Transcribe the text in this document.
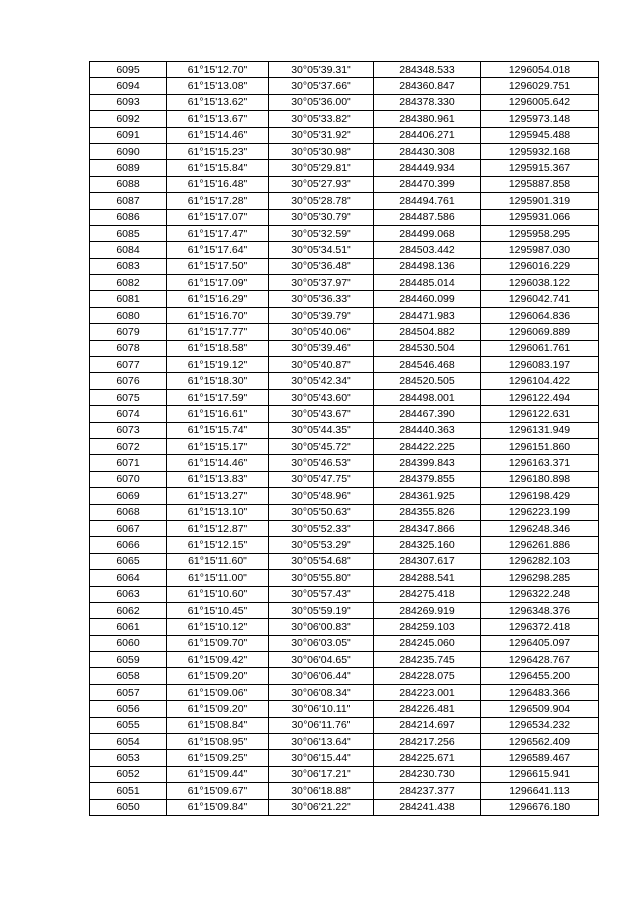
6095	61°15'12.70"	30°05'39.31"	284348.533	1296054.018
6094	61°15'13.08"	30°05'37.66"	284360.847	1296029.751
6093	61°15'13.62"	30°05'36.00"	284378.330	1296005.642
6092	61°15'13.67"	30°05'33.82"	284380.961	1295973.148
6091	61°15'14.46"	30°05'31.92"	284406.271	1295945.488
6090	61°15'15.23"	30°05'30.98"	284430.308	1295932.168
6089	61°15'15.84"	30°05'29.81"	284449.934	1295915.367
6088	61°15'16.48"	30°05'27.93"	284470.399	1295887.858
6087	61°15'17.28"	30°05'28.78"	284494.761	1295901.319
6086	61°15'17.07"	30°05'30.79"	284487.586	1295931.066
6085	61°15'17.47"	30°05'32.59"	284499.068	1295958.295
6084	61°15'17.64"	30°05'34.51"	284503.442	1295987.030
6083	61°15'17.50"	30°05'36.48"	284498.136	1296016.229
6082	61°15'17.09"	30°05'37.97"	284485.014	1296038.122
6081	61°15'16.29"	30°05'36.33"	284460.099	1296042.741
6080	61°15'16.70"	30°05'39.79"	284471.983	1296064.836
6079	61°15'17.77"	30°05'40.06"	284504.882	1296069.889
6078	61°15'18.58"	30°05'39.46"	284530.504	1296061.761
6077	61°15'19.12"	30°05'40.87"	284546.468	1296083.197
6076	61°15'18.30"	30°05'42.34"	284520.505	1296104.422
6075	61°15'17.59"	30°05'43.60"	284498.001	1296122.494
6074	61°15'16.61"	30°05'43.67"	284467.390	1296122.631
6073	61°15'15.74"	30°05'44.35"	284440.363	1296131.949
6072	61°15'15.17"	30°05'45.72"	284422.225	1296151.860
6071	61°15'14.46"	30°05'46.53"	284399.843	1296163.371
6070	61°15'13.83"	30°05'47.75"	284379.855	1296180.898
6069	61°15'13.27"	30°05'48.96"	284361.925	1296198.429
6068	61°15'13.10"	30°05'50.63"	284355.826	1296223.199
6067	61°15'12.87"	30°05'52.33"	284347.866	1296248.346
6066	61°15'12.15"	30°05'53.29"	284325.160	1296261.886
6065	61°15'11.60"	30°05'54.68"	284307.617	1296282.103
6064	61°15'11.00"	30°05'55.80"	284288.541	1296298.285
6063	61°15'10.60"	30°05'57.43"	284275.418	1296322.248
6062	61°15'10.45"	30°05'59.19"	284269.919	1296348.376
6061	61°15'10.12"	30°06'00.83"	284259.103	1296372.418
6060	61°15'09.70"	30°06'03.05"	284245.060	1296405.097
6059	61°15'09.42"	30°06'04.65"	284235.745	1296428.767
6058	61°15'09.20"	30°06'06.44"	284228.075	1296455.200
6057	61°15'09.06"	30°06'08.34"	284223.001	1296483.366
6056	61°15'09.20"	30°06'10.11"	284226.481	1296509.904
6055	61°15'08.84"	30°06'11.76"	284214.697	1296534.232
6054	61°15'08.95"	30°06'13.64"	284217.256	1296562.409
6053	61°15'09.25"	30°06'15.44"	284225.671	1296589.467
6052	61°15'09.44"	30°06'17.21"	284230.730	1296615.941
6051	61°15'09.67"	30°06'18.88"	284237.377	1296641.113
6050	61°15'09.84"	30°06'21.22"	284241.438	1296676.180
